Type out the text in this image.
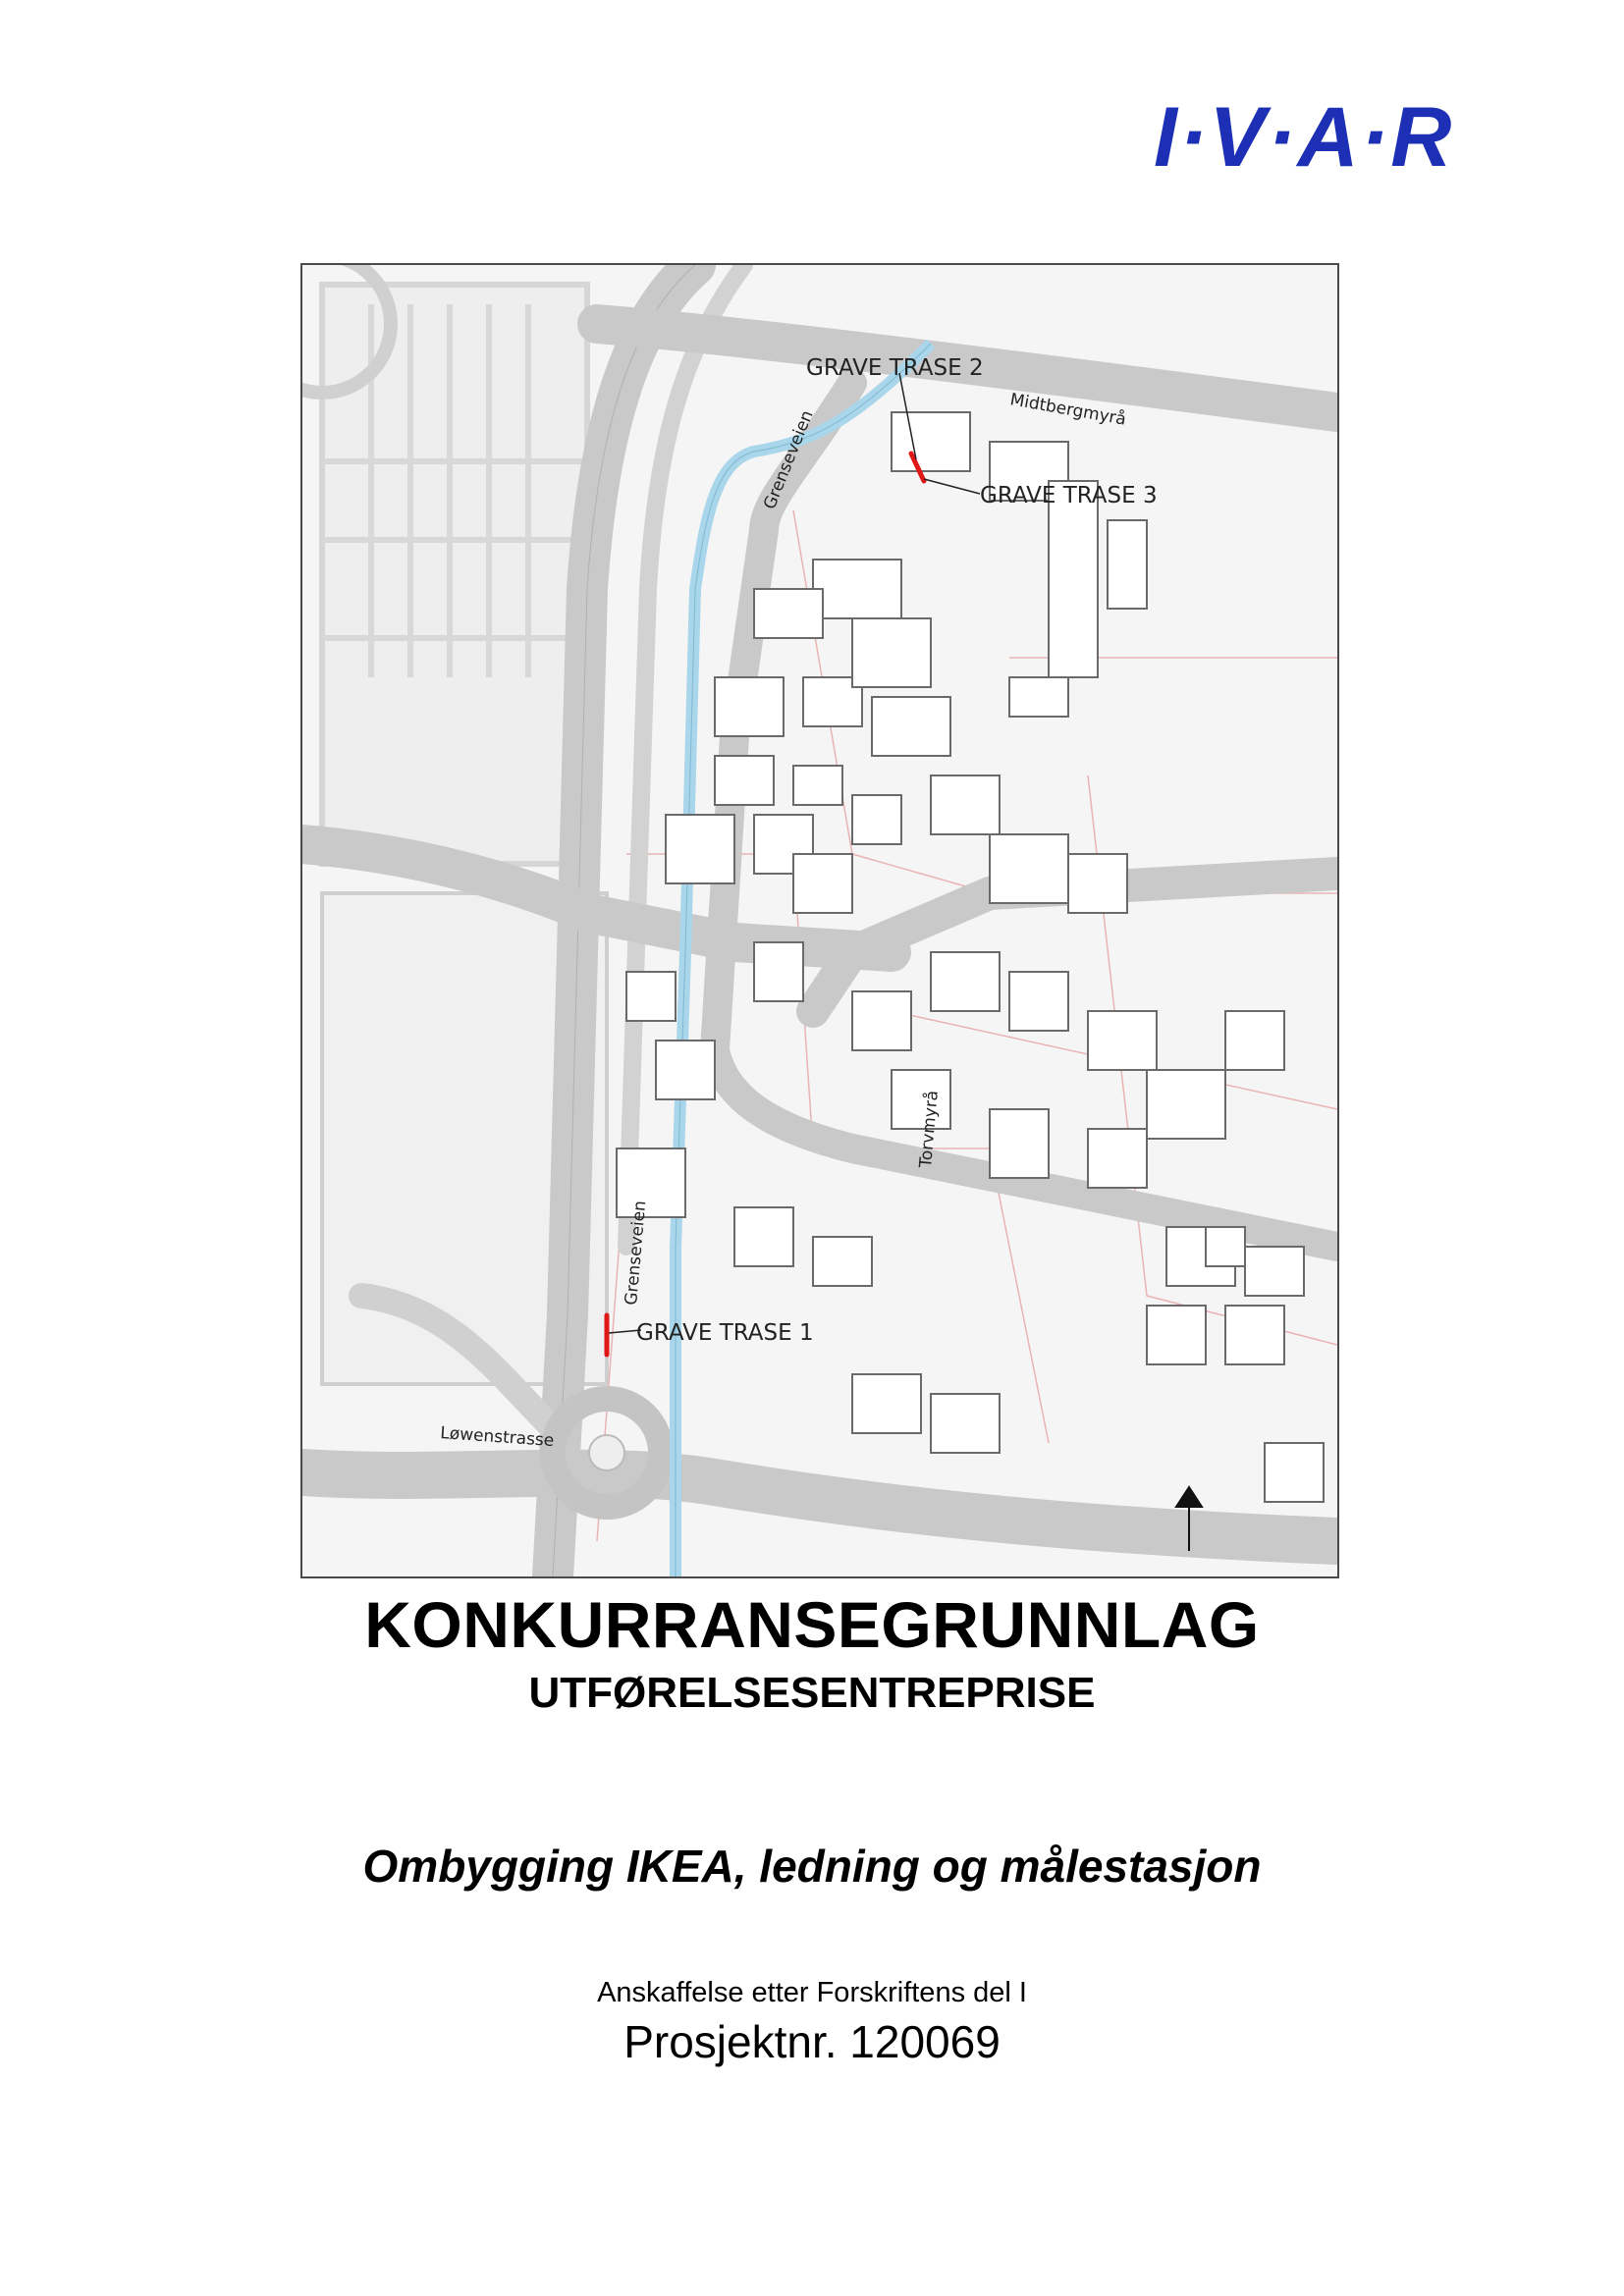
I·V·A·R
GRAVE TRASE 1
GRAVE TRASE 2
GRAVE TRASE 3
Grenseveien
Grenseveien
Midtbergmyrå
Torvmyrå
Løwenstrasse
KONKURRANSEGRUNNLAG
UTFØRELSESENTREPRISE
Ombygging IKEA, ledning og målestasjon
Anskaffelse etter Forskriftens del I
Prosjektnr. 120069
